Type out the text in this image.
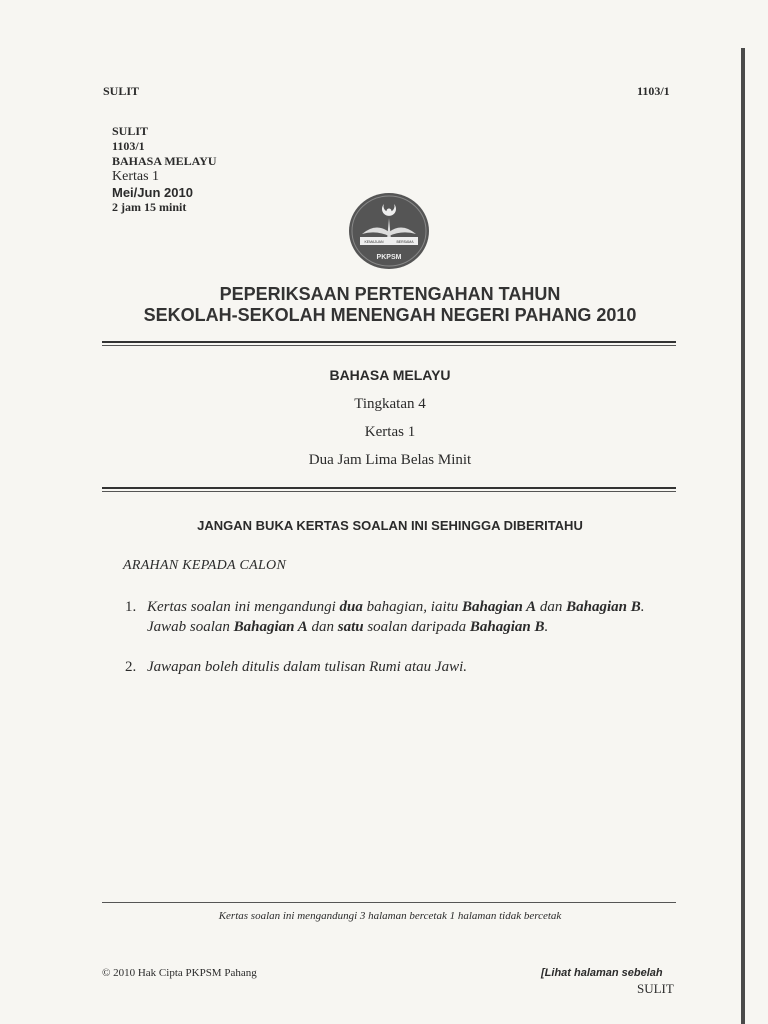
SULIT	1103/1
SULIT
1103/1
BAHASA MELAYU
Kertas 1
Mei/Jun 2010
2 jam 15 minit
KEMAJUAN	BERSAMA
PKPSM
PEPERIKSAAN PERTENGAHAN TAHUN
SEKOLAH-SEKOLAH MENENGAH NEGERI PAHANG 2010
BAHASA MELAYU
Tingkatan 4
Kertas 1
Dua Jam Lima Belas Minit
JANGAN BUKA KERTAS SOALAN INI SEHINGGA DIBERITAHU
ARAHAN KEPADA CALON
1. Kertas soalan ini mengandungi dua bahagian, iaitu Bahagian A dan Bahagian B.
Jawab soalan Bahagian A dan satu soalan daripada Bahagian B.
2. Jawapan boleh ditulis dalam tulisan Rumi atau Jawi.
Kertas soalan ini mengandungi 3 halaman bercetak 1 halaman tidak bercetak
© 2010 Hak Cipta PKPSM Pahang	[Lihat halaman sebelah
SULIT
